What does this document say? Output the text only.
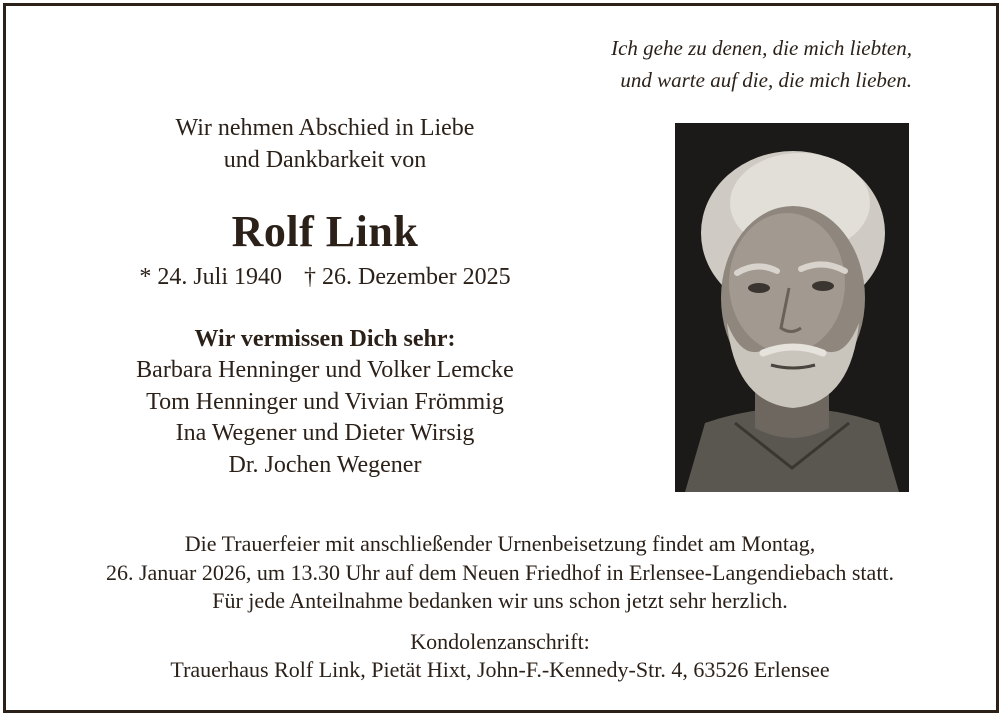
Ich gehe zu denen, die mich liebten,
und warte auf die, die mich lieben.
Wir nehmen Abschied in Liebe
und Dankbarkeit von
Rolf Link
* 24. Juli 1940 † 26. Dezember 2025
Wir vermissen Dich sehr:
Barbara Henninger und Volker Lemcke
Tom Henninger und Vivian Frömmig
Ina Wegener und Dieter Wirsig
Dr. Jochen Wegener
Die Trauerfeier mit anschließender Urnenbeisetzung findet am Montag,
26. Januar 2026, um 13.30 Uhr auf dem Neuen Friedhof in Erlensee-Langendiebach statt.
Für jede Anteilnahme bedanken wir uns schon jetzt sehr herzlich.
Kondolenzanschrift:
Trauerhaus Rolf Link, Pietät Hixt, John-F.-Kennedy-Str. 4, 63526 Erlensee
